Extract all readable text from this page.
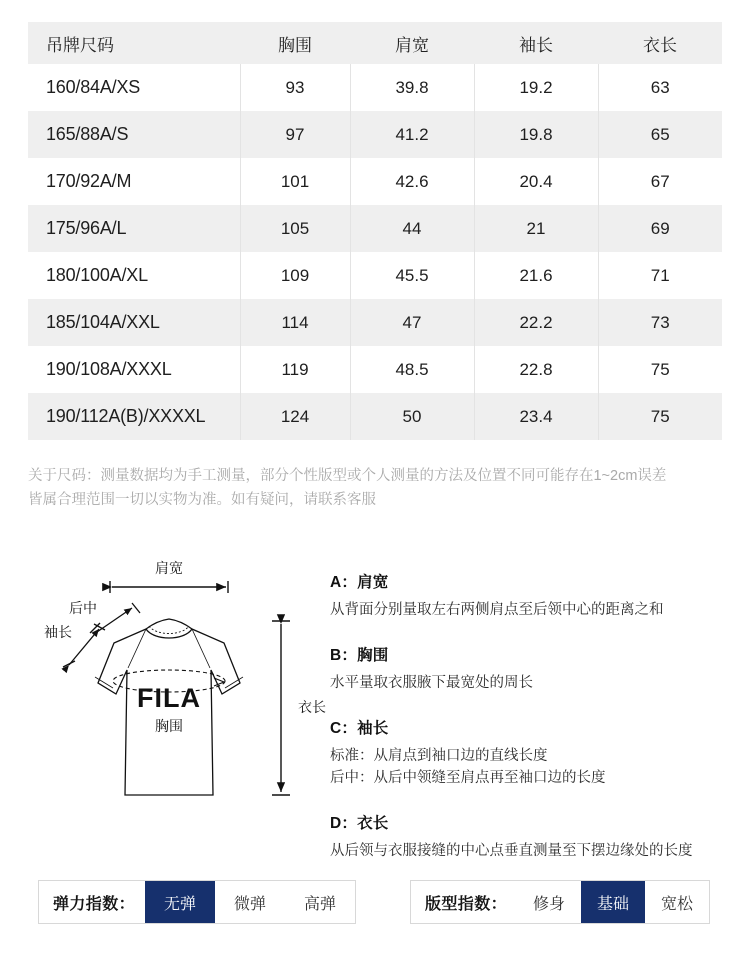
吊牌尺码	胸围	肩宽	袖长	衣长
160/84A/XS	93	39.8	19.2	63
165/88A/S	97	41.2	19.8	65
170/92A/M	101	42.6	20.4	67
175/96A/L	105	44	21	69
180/100A/XL	109	45.5	21.6	71
185/104A/XXL	114	47	22.2	73
190/108A/XXXL	119	48.5	22.8	75
190/112A(B)/XXXXL	124	50	23.4	75
关于尺码：测量数据均为手工测量，部分个性版型或个人测量的方法及位置不同可能存在1~2cm误差
皆属合理范围一切以实物为准。如有疑问，请联系客服
肩宽
后中
袖长
FILA
胸围
衣长
A：肩宽
从背面分别量取左右两侧肩点至后领中心的距离之和
B：胸围
水平量取衣服腋下最宽处的周长
C：袖长
标准：从肩点到袖口边的直线长度
后中：从后中领缝至肩点再至袖口边的长度
D：衣长
从后领与衣服接缝的中心点垂直测量至下摆边缘处的长度
弹力指数：	无弹	微弹	高弹	版型指数：	修身	基础	宽松
